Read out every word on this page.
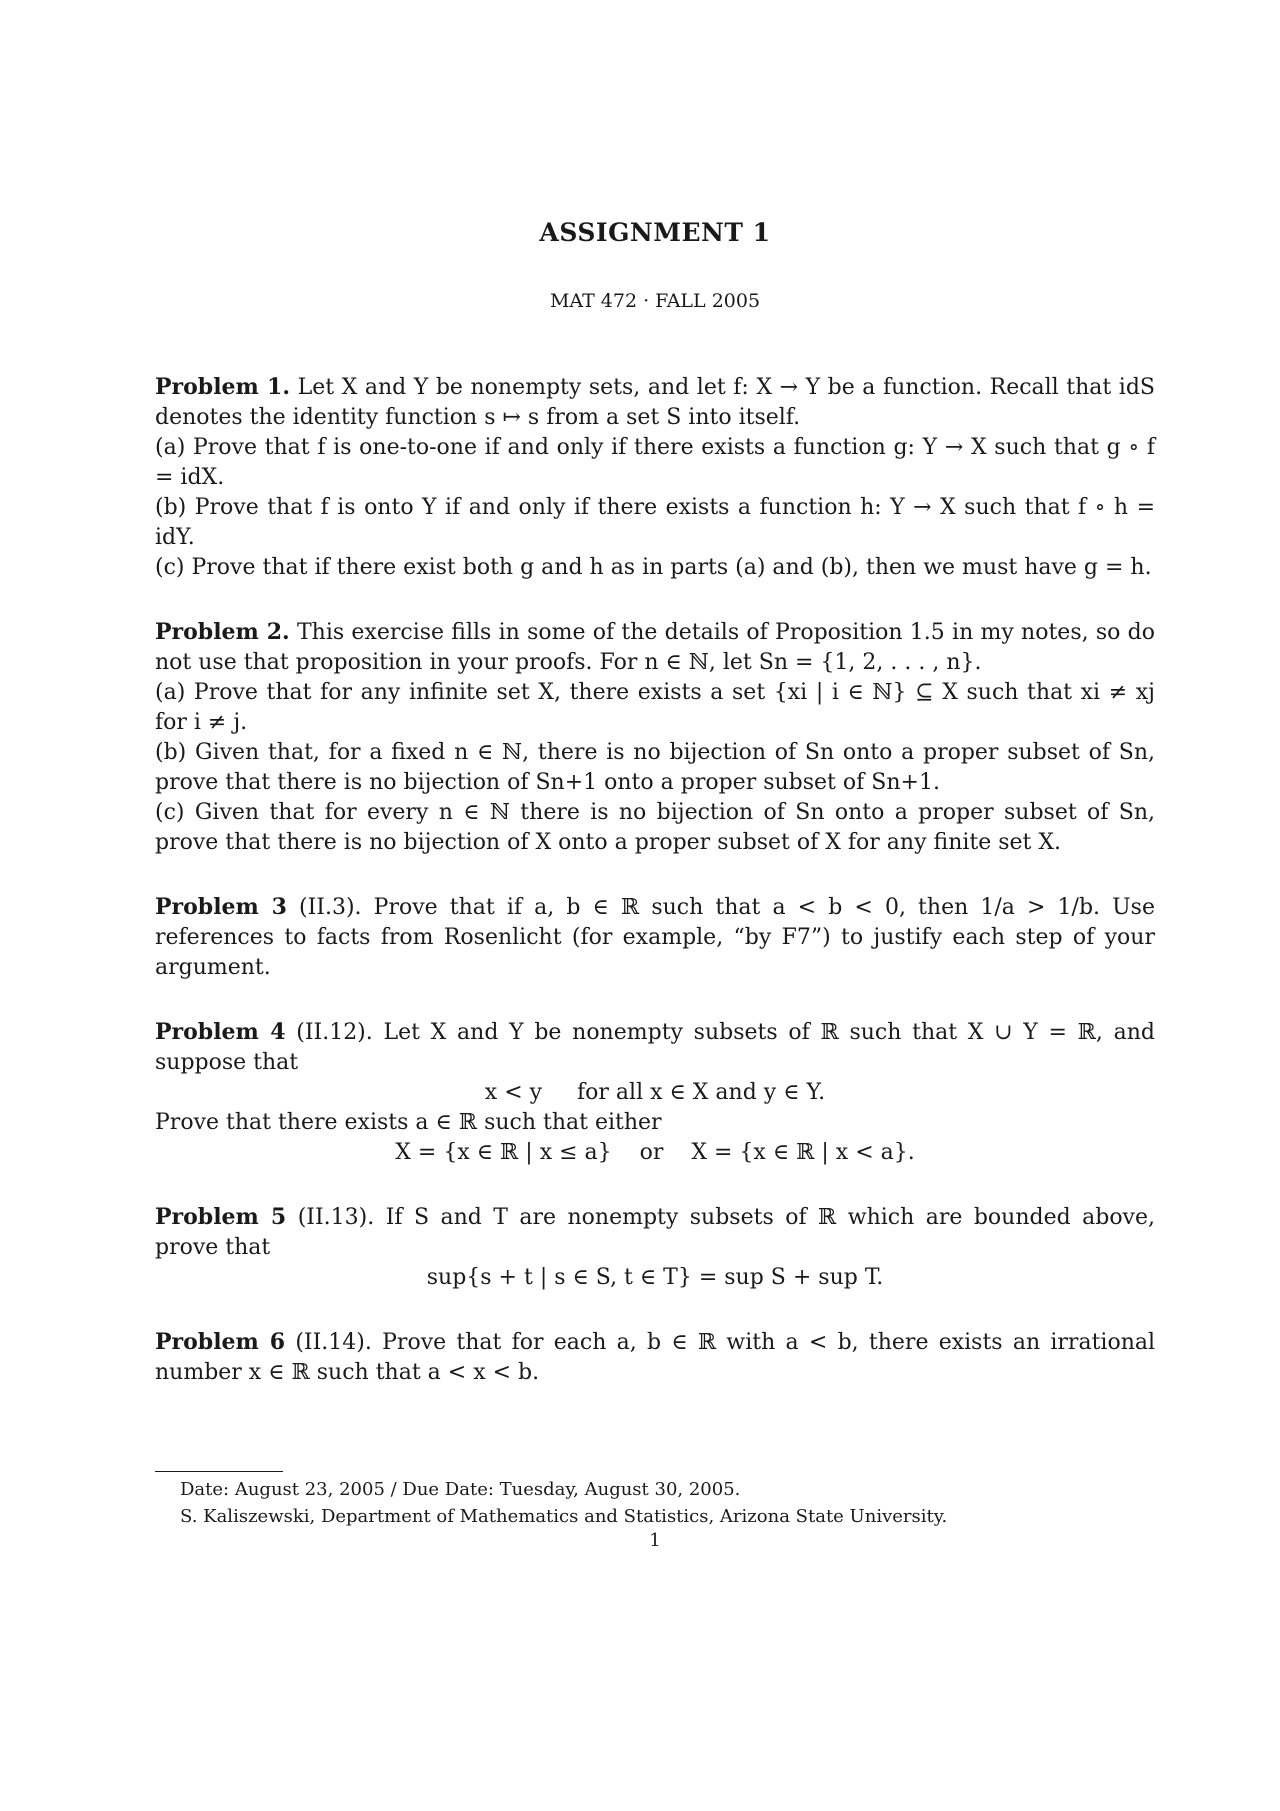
ASSIGNMENT 1
MAT 472 · FALL 2005

Problem 1. Let X and Y be nonempty sets, and let f: X → Y be a function. Recall that idS denotes the identity function s ↦ s from a set S into itself.

(a) Prove that f is one-to-one if and only if there exists a function g: Y → X such that g ∘ f = idX.

(b) Prove that f is onto Y if and only if there exists a function h: Y → X such that f ∘ h = idY.

(c) Prove that if there exist both g and h as in parts (a) and (b), then we must have g = h.

Problem 2. This exercise fills in some of the details of Proposition 1.5 in my notes, so do not use that proposition in your proofs. For n ∈ ℕ, let Sn = {1, 2, . . . , n}.

(a) Prove that for any infinite set X, there exists a set {xi | i ∈ ℕ} ⊆ X such that xi ≠ xj for i ≠ j.

(b) Given that, for a fixed n ∈ ℕ, there is no bijection of Sn onto a proper subset of Sn, prove that there is no bijection of Sn+1 onto a proper subset of Sn+1.

(c) Given that for every n ∈ ℕ there is no bijection of Sn onto a proper subset of Sn, prove that there is no bijection of X onto a proper subset of X for any finite set X.

Problem 3 (II.3). Prove that if a, b ∈ ℝ such that a < b < 0, then 1/a > 1/b. Use references to facts from Rosenlicht (for example, “by F7”) to justify each step of your argument.

Problem 4 (II.12). Let X and Y be nonempty subsets of ℝ such that X ∪ Y = ℝ, and suppose that

x < y     for all x ∈ X and y ∈ Y.

Prove that there exists a ∈ ℝ such that either

X = {x ∈ ℝ | x ≤ a}    or    X = {x ∈ ℝ | x < a}.

Problem 5 (II.13). If S and T are nonempty subsets of ℝ which are bounded above, prove that

sup{s + t | s ∈ S, t ∈ T} = sup S + sup T.

Problem 6 (II.14). Prove that for each a, b ∈ ℝ with a < b, there exists an irrational number x ∈ ℝ such that a < x < b.

Date: August 23, 2005 / Due Date: Tuesday, August 30, 2005.

S. Kaliszewski, Department of Mathematics and Statistics, Arizona State University.

1
